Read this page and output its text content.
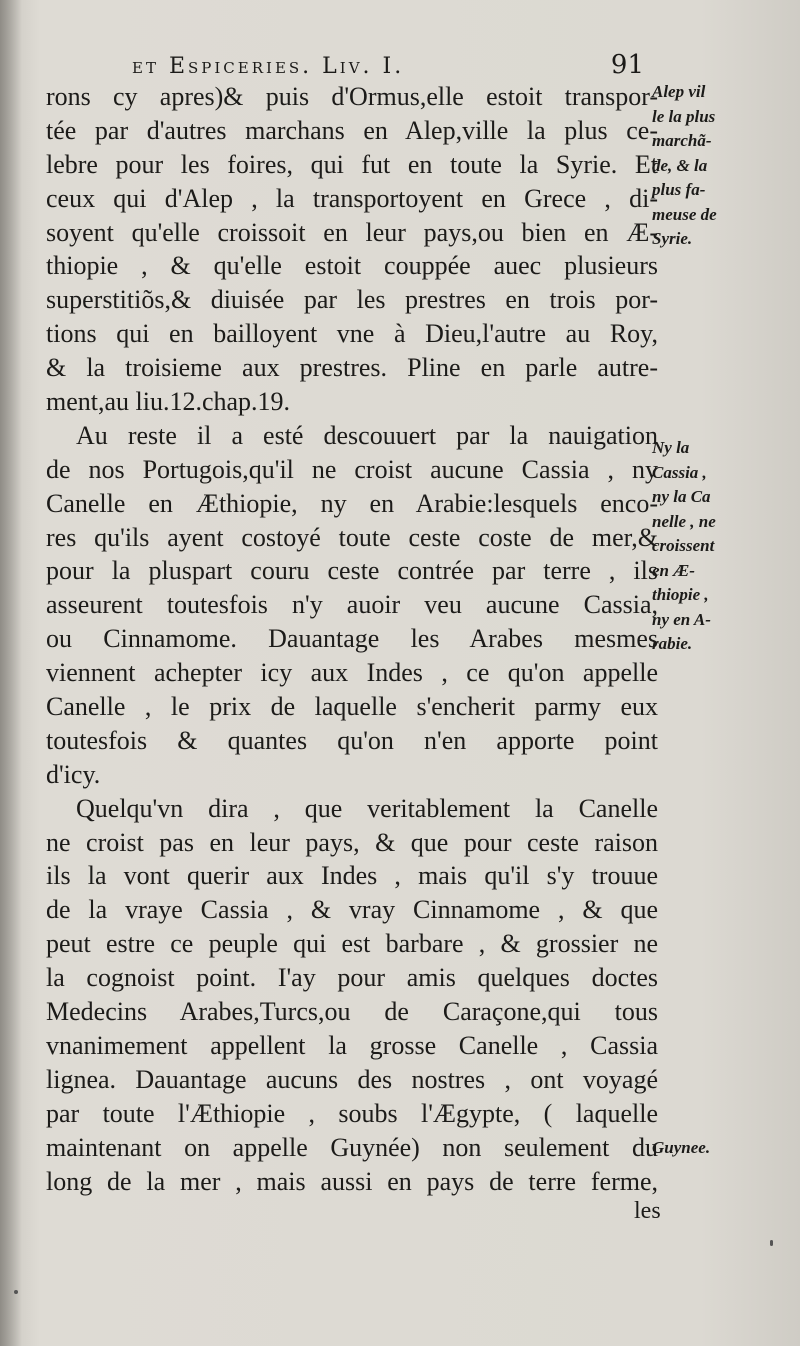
et Espiceries. Liv. I.	91
rons cy apres)& puis d'Ormus,elle estoit transpor-
tée par d'autres marchans en Alep,ville la plus ce-
lebre pour les foires, qui fut en toute la Syrie. Et
ceux qui d'Alep , la transportoyent en Grece , di-
soyent qu'elle croissoit en leur pays,ou bien en Æ-
thiopie , & qu'elle estoit couppée auec plusieurs
superstitiõs,& diuisée par les prestres en trois por-
tions qui en bailloyent vne à Dieu,l'autre au Roy,
& la troisieme aux prestres. Pline en parle autre-
ment,au liu.12.chap.19.
Au reste il a esté descouuert par la nauigation
de nos Portugois,qu'il ne croist aucune Cassia , ny
Canelle en Æthiopie, ny en Arabie:lesquels enco-
res qu'ils ayent costoyé toute ceste coste de mer,&
pour la pluspart couru ceste contrée par terre , ils
asseurent toutesfois n'y auoir veu aucune Cassia,
ou Cinnamome. Dauantage les Arabes mesmes
viennent achepter icy aux Indes , ce qu'on appelle
Canelle , le prix de laquelle s'encherit parmy eux
toutesfois & quantes qu'on n'en apporte point
d'icy.
Quelqu'vn dira , que veritablement la Canelle
ne croist pas en leur pays, & que pour ceste raison
ils la vont querir aux Indes , mais qu'il s'y trouue
de la vraye Cassia , & vray Cinnamome , & que
peut estre ce peuple qui est barbare , & grossier ne
la cognoist point. I'ay pour amis quelques doctes
Medecins Arabes,Turcs,ou de Caraçone,qui tous
vnanimement appellent la grosse Canelle , Cassia
lignea. Dauantage aucuns des nostres , ont voyagé
par toute l'Æthiopie , soubs l'Ægypte, ( laquelle
maintenant on appelle Guynée) non seulement du
long de la mer , mais aussi en pays de terre ferme,
Alep vil
le la plus
marchã-
de, & la
plus fa-
meuse de
Syrie.
Ny la
Cassia ,
ny la Ca
nelle , ne
croissent
en Æ-
thiopie ,
ny en A-
rabie.
Guynee.
les
